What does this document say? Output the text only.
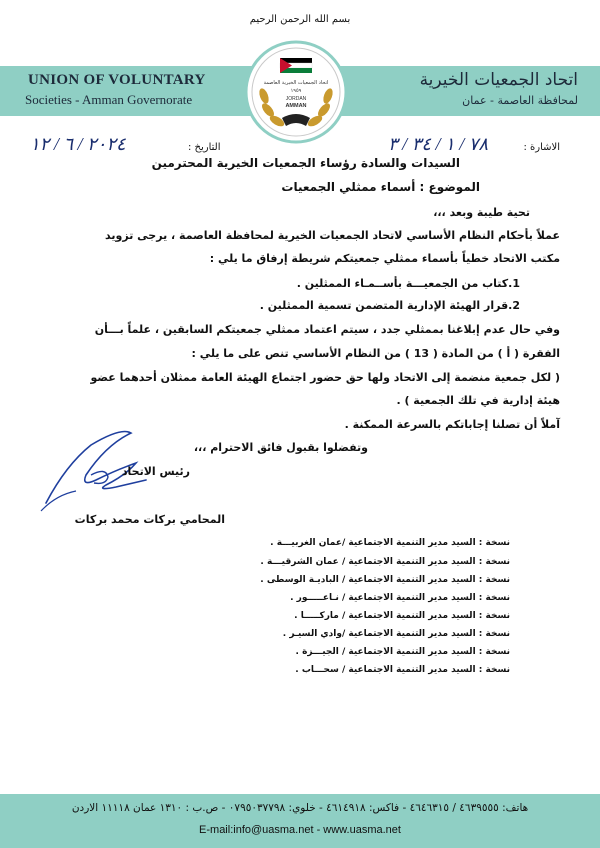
بسم الله الرحمن الرحيم
UNION OF VOLUNTARY
Societies - Amman Governorate
اتحاد الجمعيات الخيرية
لمحافظة العاصمة - عمان
اتحاد الجمعيات الخيرية العاصمة
١٩٥٩
JORDAN
AMMAN
الاشارة :
٧٨ / ١ / ٣٤ / ٣
التاريخ :
٢٠٢٤ / ٦ / ١٢
السيدات والسادة رؤساء الجمعيات الخيرية المحترمين
الموضوع : أسماء ممثلي الجمعيات
تحية طيبة وبعد ،،،
عملاً بأحكام النظام الأساسي لاتحاد الجمعيات الخيرية لمحافظة العاصمة ، يرجى تزويد
مكتب الاتحاد خطياً بأسماء ممثلي جمعيتكم شريطة إرفاق ما يلي :
1.كتاب من الجمعيـــة بأســمـاء الممثلين .
2.قرار الهيئة الإدارية المتضمن تسمية الممثلين .
وفي حال عدم إبلاغنا بممثلي جدد ، سيتم اعتماد ممثلي جمعيتكم السابقين ، علماً بـــأن
الفقرة ( أ ) من المادة ( 13 ) من النظام الأساسي تنص على ما يلي :
( لكل جمعية منضمة إلى الاتحاد ولها حق حضور اجتماع الهيئة العامة ممثلان أحدهما عضو
هيئة إدارية في تلك الجمعية ) .
آملاً أن تصلنا إجاباتكم بالسرعة الممكنة .
وتفضلوا بقبول فائق الاحترام ،،،
رئيس الاتحاد
المحامي بركات محمد بركات
نسخة : السيد مدير التنمية الاجتماعية /عمان الغربيـــة .
نسخة : السيد مدير التنمية الاجتماعية / عمان الشرقيـــة .
نسخة : السيد مدير التنمية الاجتماعية / الباديـة الوسطى .
نسخة : السيد مدير التنمية الاجتماعية / نـاعـــــور .
نسخة : السيد مدير التنمية الاجتماعية / ماركـــــا .
نسخة : السيد مدير التنمية الاجتماعية /وادي السيـر .
نسخة : السيد مدير التنمية الاجتماعية / الجيـــزة .
نسخة : السيد مدير التنمية الاجتماعية / سحـــاب .
هاتف: ٤٦٣٩٥٥٥ / ٤٦٤٦٣١٥ - فاكس: ٤٦١٤٩١٨ - خلوي: ٠٧٩٥٠٣٧٧٩٨ - ص.ب : ١٣١٠ عمان ١١١١٨ الاردن
E-mail:info@uasma.net - www.uasma.net
